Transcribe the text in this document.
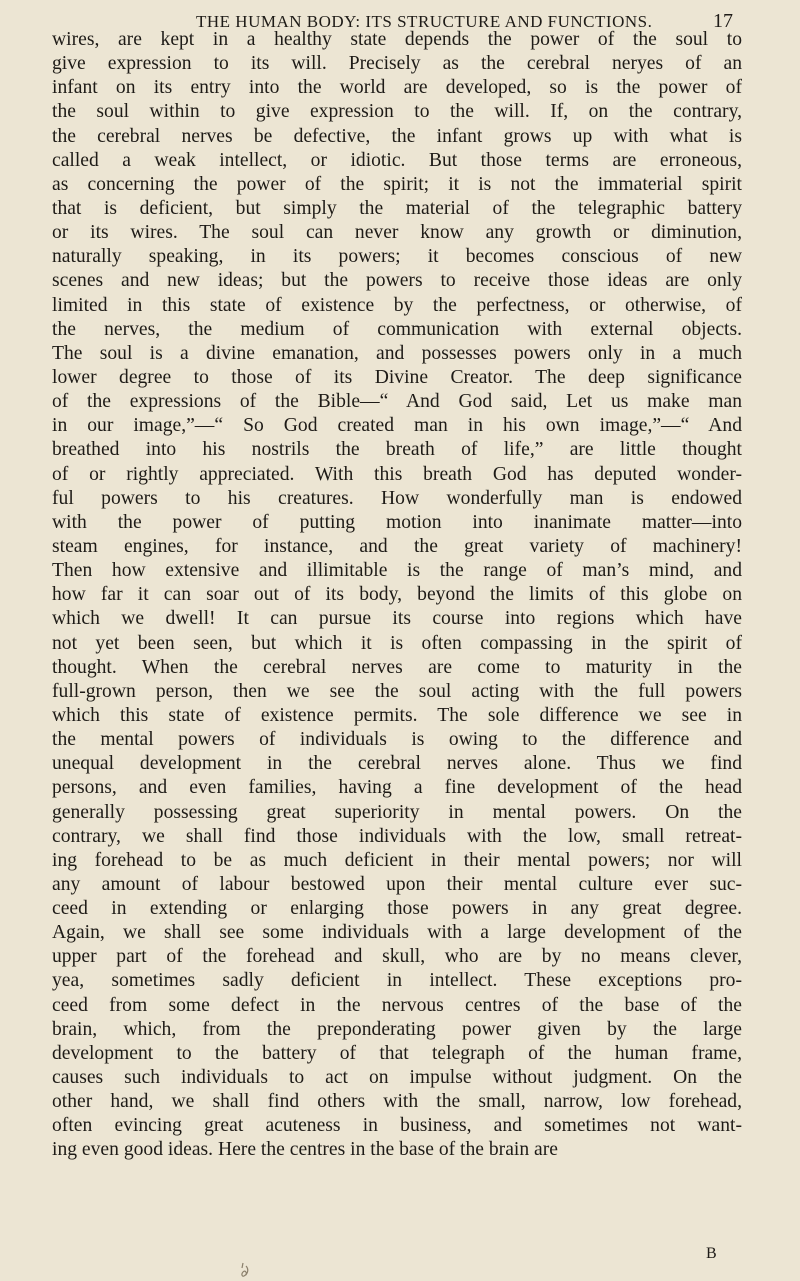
THE HUMAN BODY: ITS STRUCTURE AND FUNCTIONS.	17
wires, are kept in a healthy state depends the power of the soul to
give expression to its will. Precisely as the cerebral neryes of an
infant on its entry into the world are developed, so is the power of
the soul within to give expression to the will. If, on the contrary,
the cerebral nerves be defective, the infant grows up with what is
called a weak intellect, or idiotic. But those terms are erroneous,
as concerning the power of the spirit; it is not the immaterial spirit
that is deficient, but simply the material of the telegraphic battery
or its wires. The soul can never know any growth or diminution,
naturally speaking, in its powers; it becomes conscious of new
scenes and new ideas; but the powers to receive those ideas are only
limited in this state of existence by the perfectness, or otherwise, of
the nerves, the medium of communication with external objects.
The soul is a divine emanation, and possesses powers only in a much
lower degree to those of its Divine Creator. The deep significance
of the expressions of the Bible—“ And God said, Let us make man
in our image,”—“ So God created man in his own image,”—“ And
breathed into his nostrils the breath of life,” are little thought
of or rightly appreciated. With this breath God has deputed wonder-
ful powers to his creatures. How wonderfully man is endowed
with the power of putting motion into inanimate matter—into
steam engines, for instance, and the great variety of machinery!
Then how extensive and illimitable is the range of man’s mind, and
how far it can soar out of its body, beyond the limits of this globe on
which we dwell! It can pursue its course into regions which have
not yet been seen, but which it is often compassing in the spirit of
thought. When the cerebral nerves are come to maturity in the
full-grown person, then we see the soul acting with the full powers
which this state of existence permits. The sole difference we see in
the mental powers of individuals is owing to the difference and
unequal development in the cerebral nerves alone. Thus we find
persons, and even families, having a fine development of the head
generally possessing great superiority in mental powers. On the
contrary, we shall find those individuals with the low, small retreat-
ing forehead to be as much deficient in their mental powers; nor will
any amount of labour bestowed upon their mental culture ever suc-
ceed in extending or enlarging those powers in any great degree.
Again, we shall see some individuals with a large development of the
upper part of the forehead and skull, who are by no means clever,
yea, sometimes sadly deficient in intellect. These exceptions pro-
ceed from some defect in the nervous centres of the base of the
brain, which, from the preponderating power given by the large
development to the battery of that telegraph of the human frame,
causes such individuals to act on impulse without judgment. On the
other hand, we shall find others with the small, narrow, low forehead,
often evincing great acuteness in business, and sometimes not want-
ing even good ideas. Here the centres in the base of the brain are
B
